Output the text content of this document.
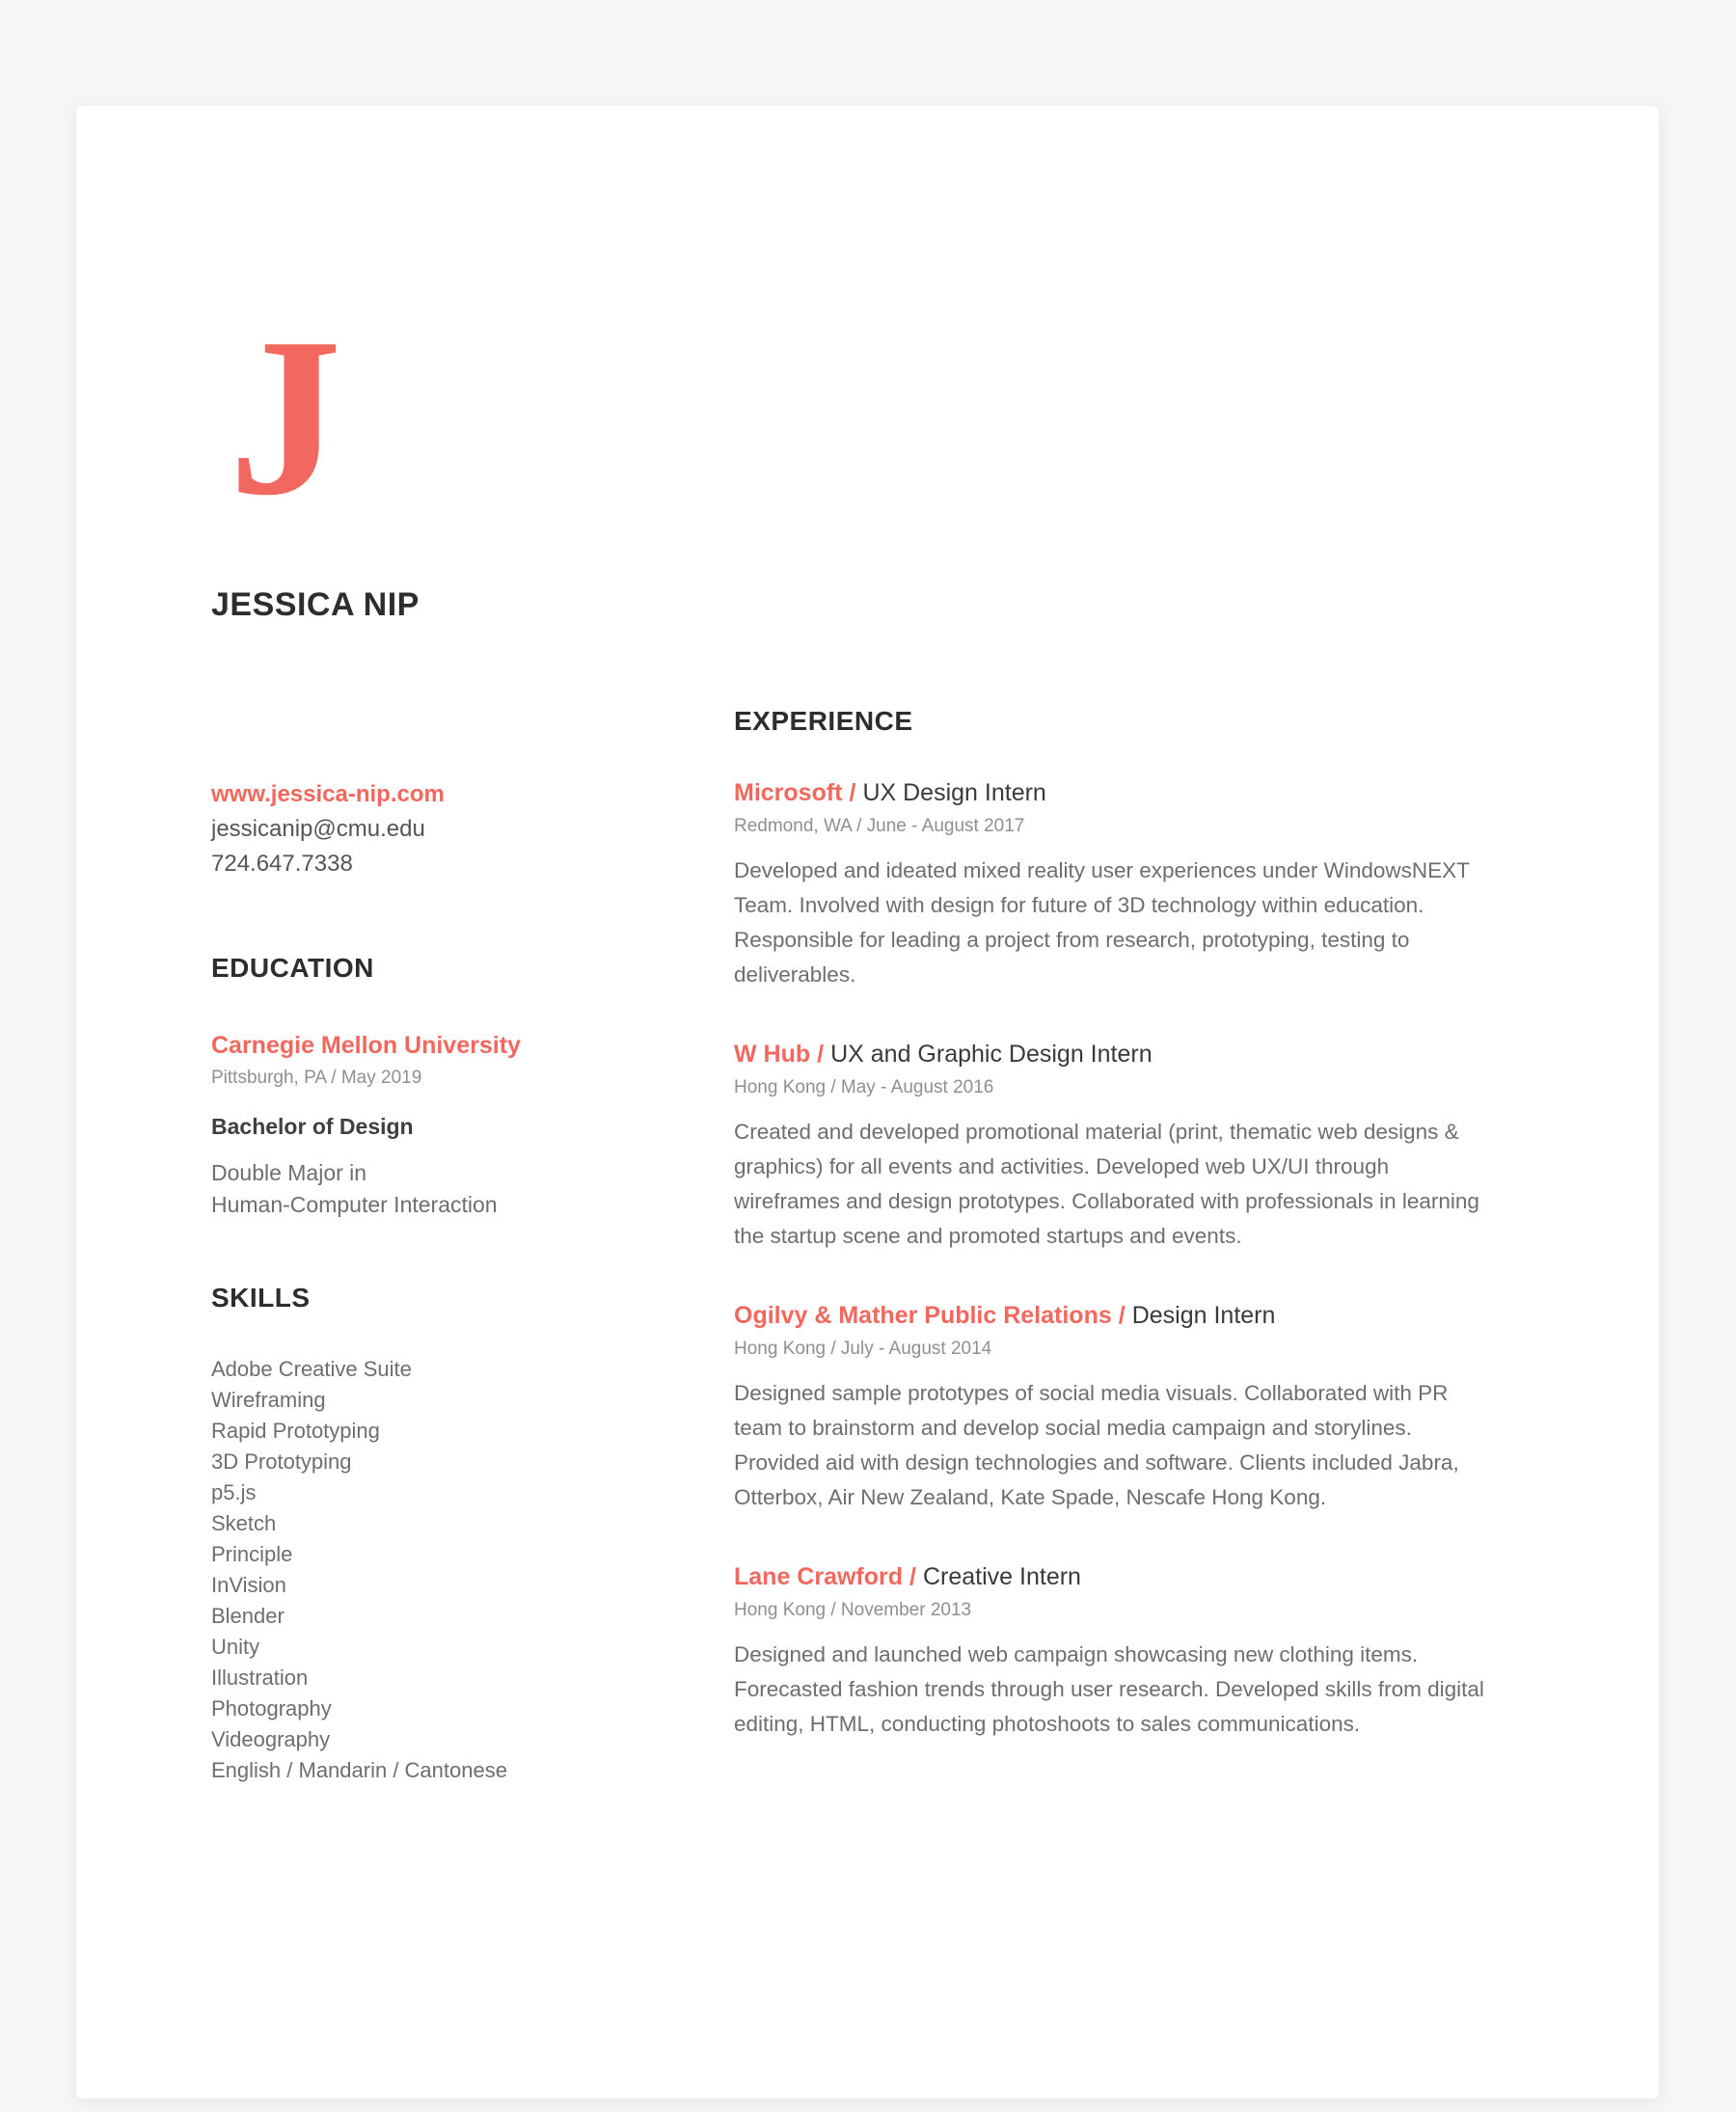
J
JESSICA NIP
www.jessica-nip.com
jessicanip@cmu.edu
724.647.7338
EDUCATION
Carnegie Mellon University
Pittsburgh, PA / May 2019
Bachelor of Design
Double Major in
Human-Computer Interaction
SKILLS
Adobe Creative Suite
Wireframing
Rapid Prototyping
3D Prototyping
p5.js
Sketch
Principle
InVision
Blender
Unity
Illustration
Photography
Videography
English / Mandarin / Cantonese
EXPERIENCE
Microsoft / UX Design Intern
Redmond, WA / June - August 2017
Developed and ideated mixed reality user experiences under WindowsNEXT Team. Involved with design for future of 3D technology within education. Responsible for leading a project from research, prototyping, testing to deliverables.
W Hub / UX and Graphic Design Intern
Hong Kong / May - August 2016
Created and developed promotional material (print, thematic web designs & graphics) for all events and activities. Developed web UX/UI through wireframes and design prototypes. Collaborated with professionals in learning the startup scene and promoted startups and events.
Ogilvy & Mather Public Relations / Design Intern
Hong Kong / July - August 2014
Designed sample prototypes of social media visuals. Collaborated with PR team to brainstorm and develop social media campaign and storylines. Provided aid with design technologies and software. Clients included Jabra, Otterbox, Air New Zealand, Kate Spade, Nescafe Hong Kong.
Lane Crawford / Creative Intern
Hong Kong / November 2013
Designed and launched web campaign showcasing new clothing items. Forecasted fashion trends through user research. Developed skills from digital editing, HTML, conducting photoshoots to sales communications.
